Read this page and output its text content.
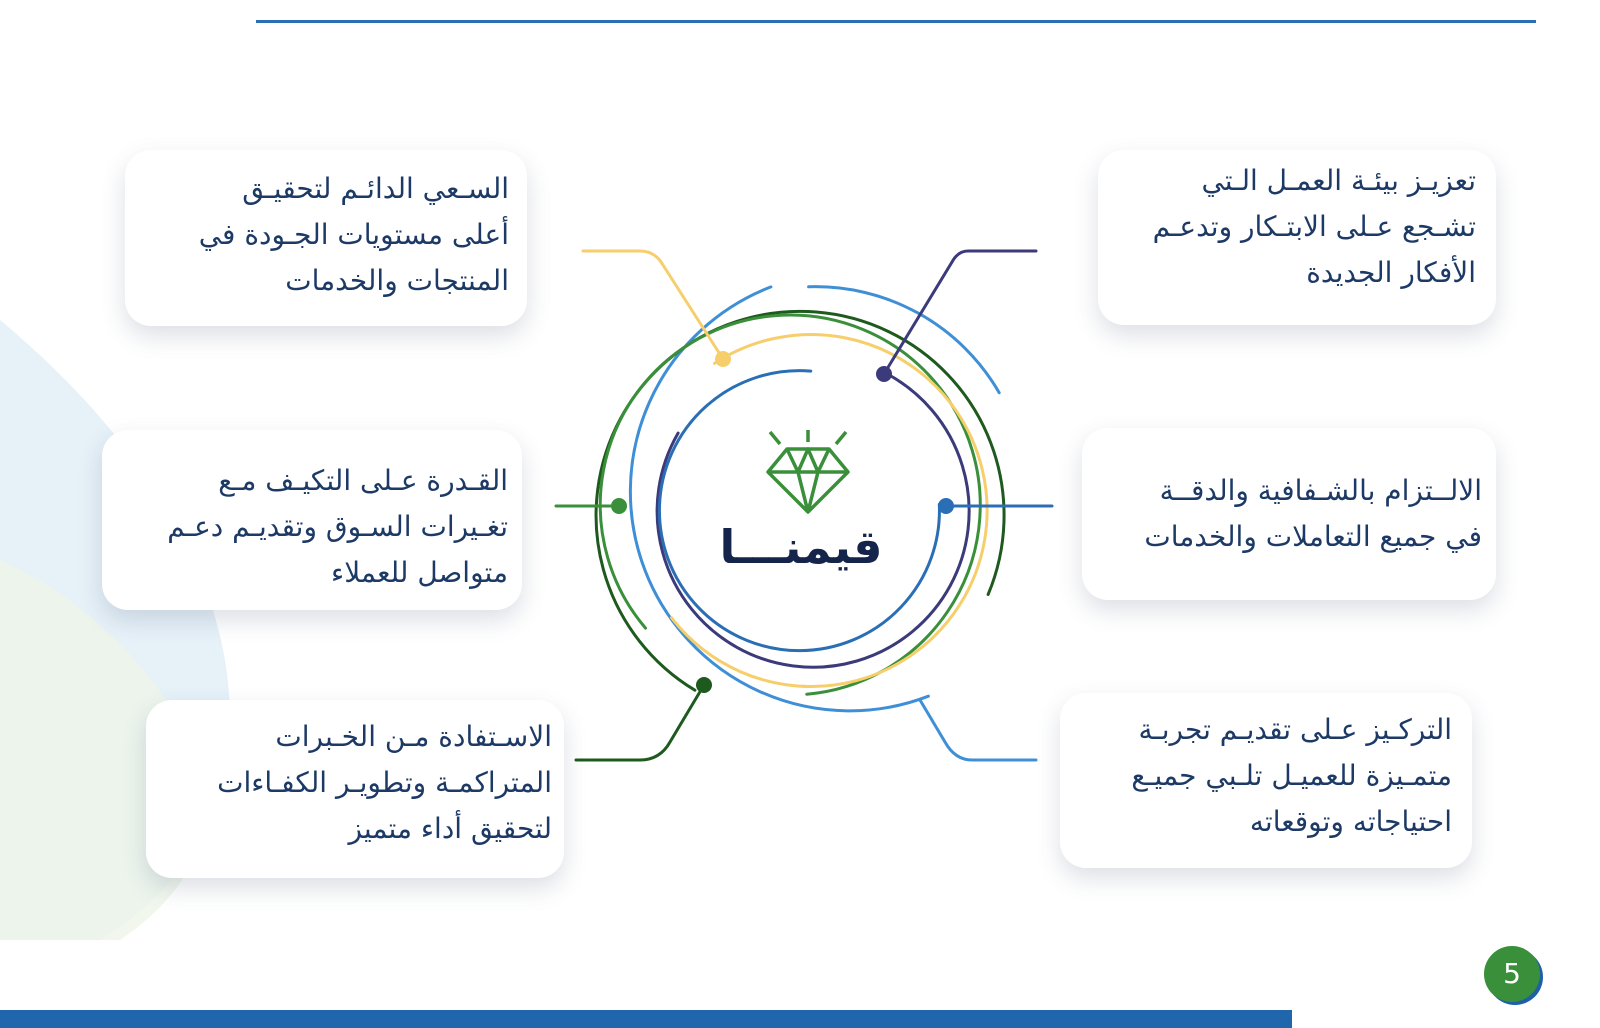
قيمنـــا
تعزيـز بيئـة العمـل الـتي
تشـجع عـلى الابتـكار وتدعـم
الأفكار الجديدة
الالــتزام بالشـفافية والدقــة
في جميع التعاملات والخدمات
التركـيز عـلى تقديـم تجربـة
متمـيزة للعميـل تلـبي جميـع
احتياجاته وتوقعاته
السـعي الدائـم لتحقيـق
أعلى مستويات الجـودة في
المنتجات والخدمات
القـدرة عـلى التكيـف مـع
تغـيرات السـوق وتقديـم دعـم
متواصل للعملاء
الاسـتفادة مـن الخـبرات
المتراكمـة وتطويـر الكفـاءات
لتحقيق أداء متميز
5
